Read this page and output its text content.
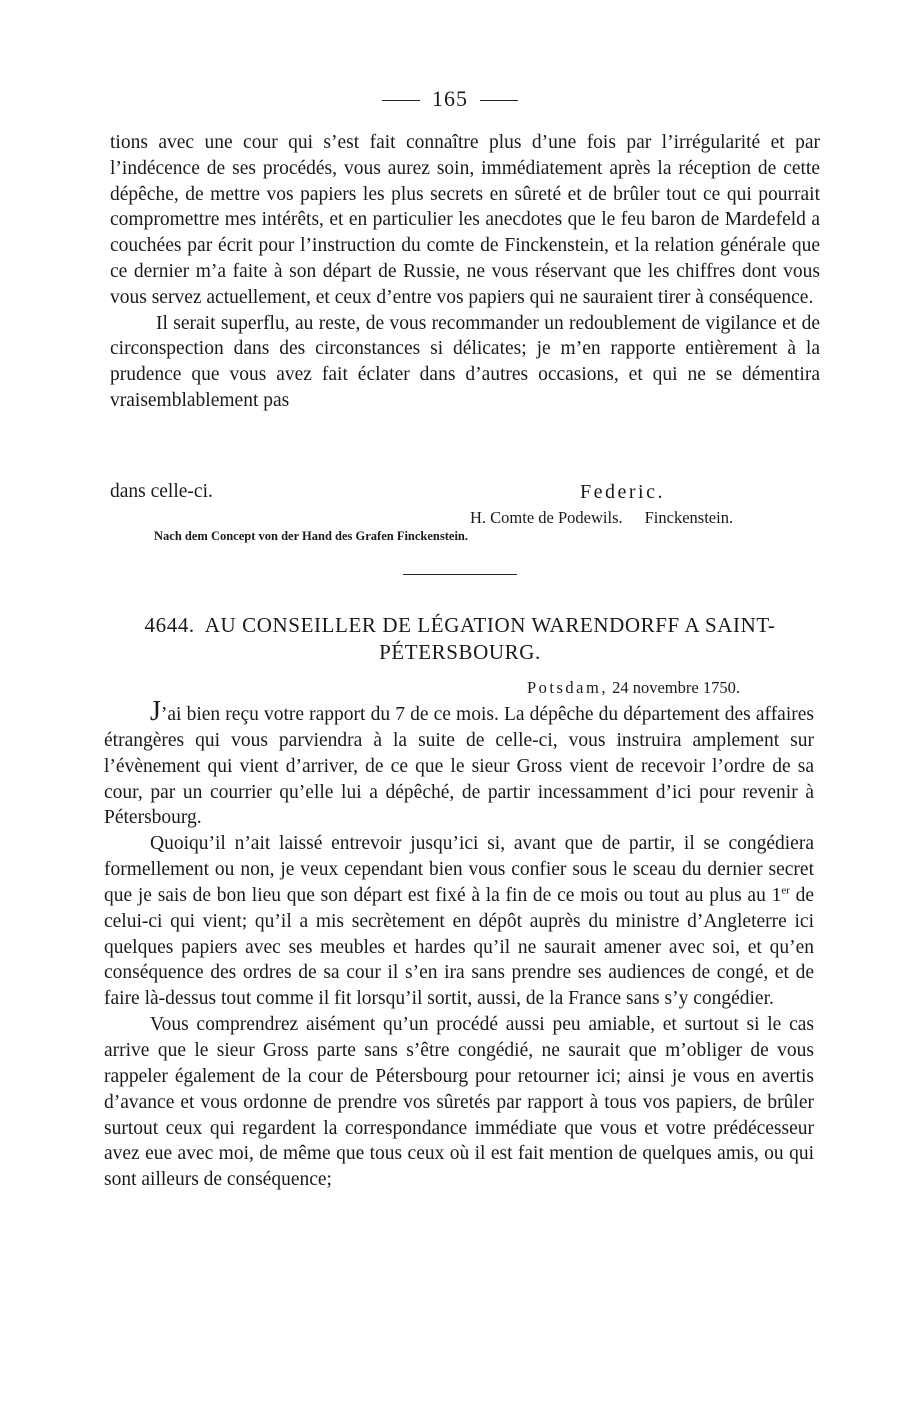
165

tions avec une cour qui s’est fait connaître plus d’une fois par l’irrégularité et par l’indécence de ses procédés, vous aurez soin, immédiatement après la réception de cette dépêche, de mettre vos papiers les plus secrets en sûreté et de brûler tout ce qui pourrait compromettre mes intérêts, et en particulier les anecdotes que le feu baron de Mardefeld a couchées par écrit pour l’instruction du comte de Finckenstein, et la relation générale que ce dernier m’a faite à son départ de Russie, ne vous réservant que les chiffres dont vous vous servez actuellement, et ceux d’entre vos papiers qui ne sauraient tirer à conséquence.

Il serait superflu, au reste, de vous recommander un redoublement de vigilance et de circonspection dans des circonstances si délicates; je m’en rapporte entièrement à la prudence que vous avez fait éclater dans d’autres occasions, et qui ne se démentira vraisemblablement pas

dans celle-ci.	Federic.
H. Comte de Podewils. Finckenstein.
Nach dem Concept von der Hand des Grafen Finckenstein.
4644. AU CONSEILLER DE LÉGATION WARENDORFF A SAINT-PÉTERSBOURG.
Potsdam, 24 novembre 1750.

J’ai bien reçu votre rapport du 7 de ce mois. La dépêche du département des affaires étrangères qui vous parviendra à la suite de celle-ci, vous instruira amplement sur l’évènement qui vient d’arriver, de ce que le sieur Gross vient de recevoir l’ordre de sa cour, par un courrier qu’elle lui a dépêché, de partir incessamment d’ici pour revenir à Pétersbourg.

Quoiqu’il n’ait laissé entrevoir jusqu’ici si, avant que de partir, il se congédiera formellement ou non, je veux cependant bien vous confier sous le sceau du dernier secret que je sais de bon lieu que son départ est fixé à la fin de ce mois ou tout au plus au 1er de celui-ci qui vient; qu’il a mis secrètement en dépôt auprès du ministre d’Angleterre ici quelques papiers avec ses meubles et hardes qu’il ne saurait amener avec soi, et qu’en conséquence des ordres de sa cour il s’en ira sans prendre ses audiences de congé, et de faire là-dessus tout comme il fit lorsqu’il sortit, aussi, de la France sans s’y congédier.

Vous comprendrez aisément qu’un procédé aussi peu amiable, et surtout si le cas arrive que le sieur Gross parte sans s’être congédié, ne saurait que m’obliger de vous rappeler également de la cour de Pétersbourg pour retourner ici; ainsi je vous en avertis d’avance et vous ordonne de prendre vos sûretés par rapport à tous vos papiers, de brûler surtout ceux qui regardent la correspondance immédiate que vous et votre prédécesseur avez eue avec moi, de même que tous ceux où il est fait mention de quelques amis, ou qui sont ailleurs de conséquence;
